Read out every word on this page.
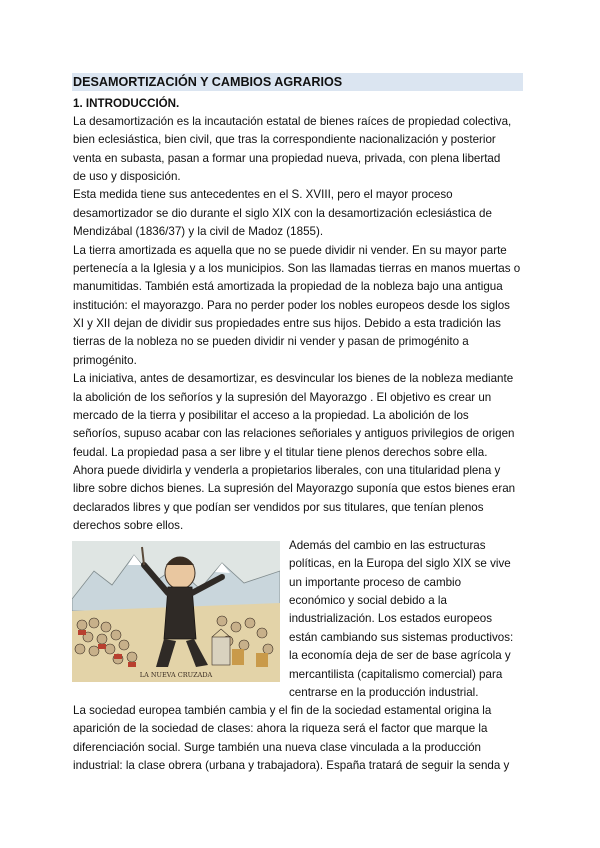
DESAMORTIZACIÓN Y CAMBIOS AGRARIOS
1. INTRODUCCIÓN.
La desamortización es la incautación estatal de bienes raíces de propiedad colectiva,
bien eclesiástica, bien civil, que tras la correspondiente nacionalización y posterior
venta en subasta, pasan a formar una propiedad nueva, privada, con plena libertad
de uso y disposición.
Esta medida tiene sus antecedentes en el S. XVIII, pero el mayor proceso
desamortizador se dio durante el siglo XIX con la desamortización eclesiástica de
Mendizábal (1836/37) y la civil de Madoz (1855).
La tierra amortizada es aquella que no se puede dividir ni vender. En su mayor parte
pertenecía a la Iglesia y a los municipios. Son las llamadas tierras en manos muertas o
manumitidas. También está amortizada la propiedad de la nobleza bajo una antigua
institución: el mayorazgo. Para no perder poder los nobles europeos desde los siglos
XI y XII dejan de dividir sus propiedades entre sus hijos. Debido a esta tradición las
tierras de la nobleza no se pueden dividir ni vender y pasan de primogénito a
primogénito.
La iniciativa, antes de desamortizar, es desvincular los bienes de la nobleza mediante
la abolición de los señoríos y la supresión del Mayorazgo . El objetivo es crear un
mercado de la tierra y posibilitar el acceso a la propiedad. La abolición de los
señoríos, supuso acabar con las relaciones señoriales y antiguos privilegios de origen
feudal. La propiedad pasa a ser libre y el titular tiene plenos derechos sobre ella.
Ahora puede dividirla y venderla a propietarios liberales, con una titularidad plena y
libre sobre dichos bienes. La supresión del Mayorazgo suponía que estos bienes eran
declarados libres y que podían ser vendidos por sus titulares, que tenían plenos
derechos sobre ellos.
LA NUEVA CRUZADA
Además del cambio en las estructuras
políticas, en la Europa del siglo XIX se vive
un importante proceso de cambio
económico y social debido a la
industrialización. Los estados europeos
están cambiando sus sistemas productivos:
la economía deja de ser de base agrícola y
mercantilista (capitalismo comercial) para
centrarse en la producción industrial.
La sociedad europea también cambia y el fin de la sociedad estamental origina la
aparición de la sociedad de clases: ahora la riqueza será el factor que marque la
diferenciación social. Surge también una nueva clase vinculada a la producción
industrial: la clase obrera (urbana y trabajadora). España tratará de seguir la senda y
